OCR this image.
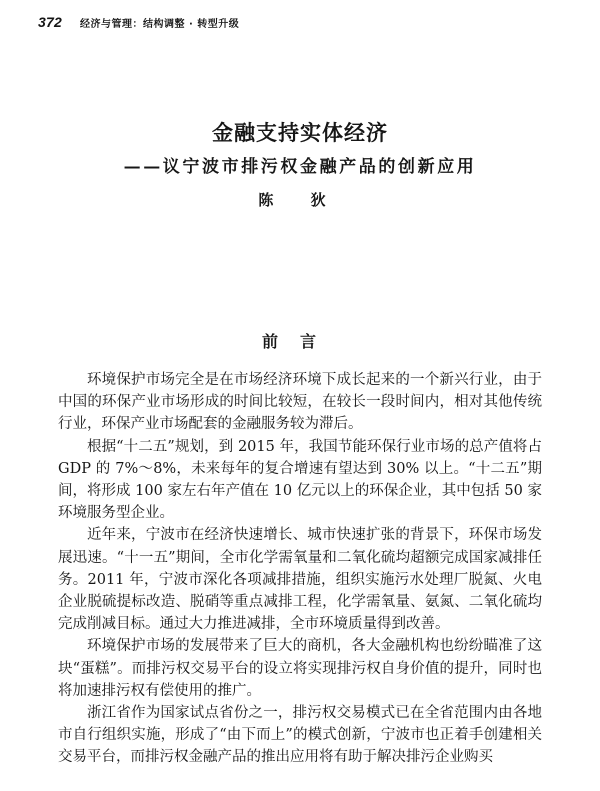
372 经济与管理：结构调整 · 转型升级
金融支持实体经济
——议宁波市排污权金融产品的创新应用
陈 狄
前言

环境保护市场完全是在市场经济环境下成长起来的一个新兴行业，由于中国的环保产业市场形成的时间比较短，在较长一段时间内，相对其他传统行业，环保产业市场配套的金融服务较为滞后。

根据“十二五”规划，到 2015 年，我国节能环保行业市场的总产值将占 GDP 的 7%～8%，未来每年的复合增速有望达到 30% 以上。“十二五”期间，将形成 100 家左右年产值在 10 亿元以上的环保企业，其中包括 50 家环境服务型企业。

近年来，宁波市在经济快速增长、城市快速扩张的背景下，环保市场发展迅速。“十一五”期间，全市化学需氧量和二氧化硫均超额完成国家减排任务。2011 年，宁波市深化各项减排措施，组织实施污水处理厂脱氮、火电企业脱硫提标改造、脱硝等重点减排工程，化学需氧量、氨氮、二氧化硫均完成削减目标。通过大力推进减排，全市环境质量得到改善。

环境保护市场的发展带来了巨大的商机，各大金融机构也纷纷瞄准了这块“蛋糕”。而排污权交易平台的设立将实现排污权自身价值的提升，同时也将加速排污权有偿使用的推广。

浙江省作为国家试点省份之一，排污权交易模式已在全省范围内由各地市自行组织实施，形成了“由下而上”的模式创新，宁波市也正着手创建相关交易平台，而排污权金融产品的推出应用将有助于解决排污企业购买
